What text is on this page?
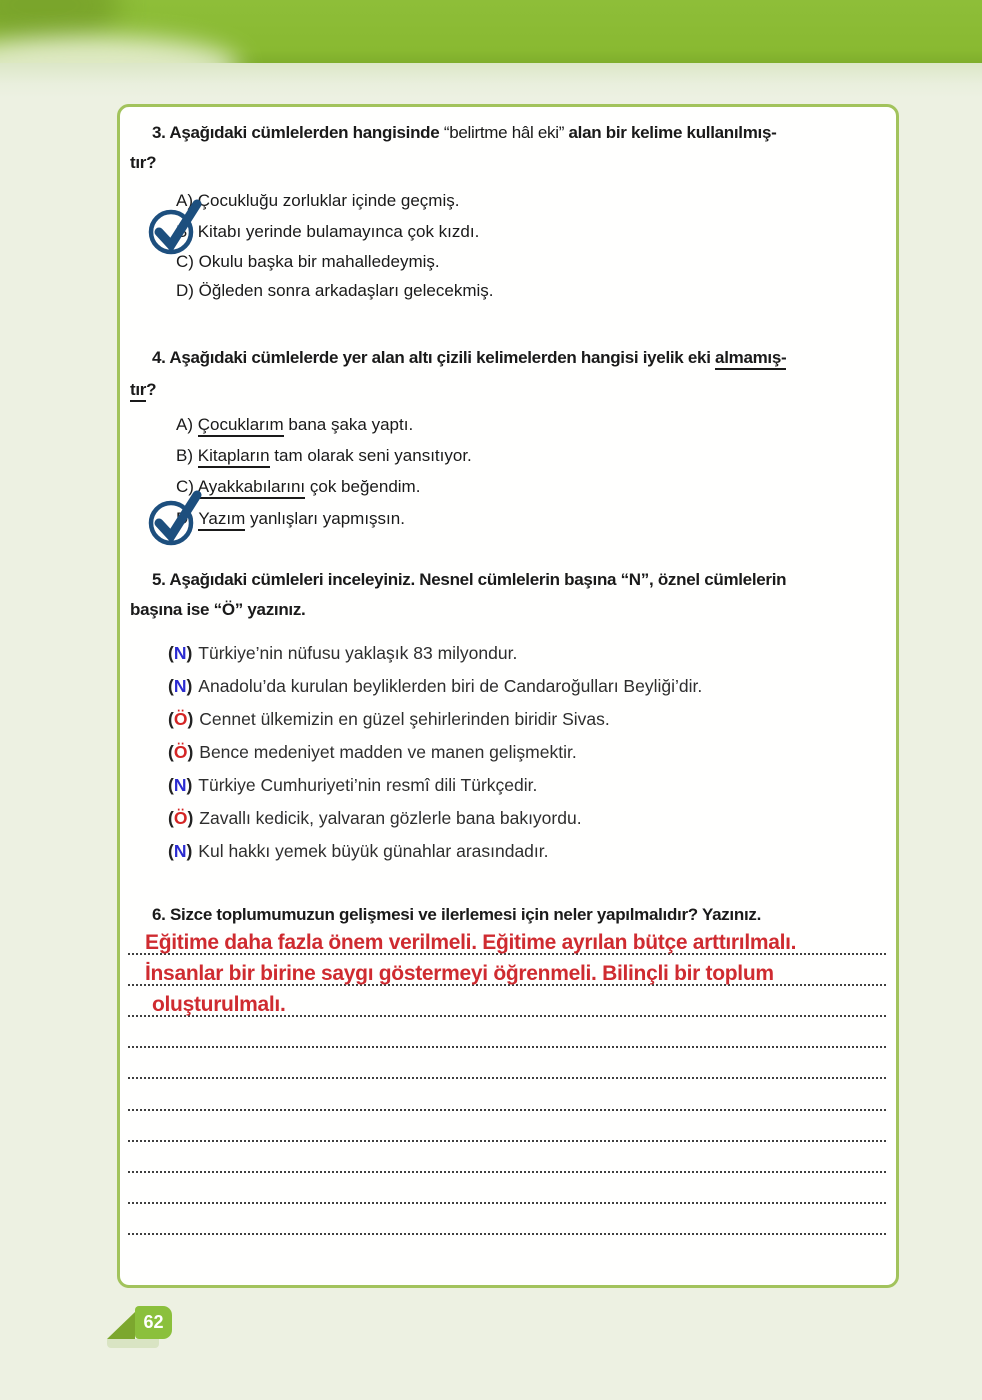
3. Aşağıdaki cümlelerden hangisinde “belirtme hâl eki” alan bir kelime kullanılmış-
tır?
A) Çocukluğu zorluklar içinde geçmiş.
B) Kitabı yerinde bulamayınca çok kızdı.
C) Okulu başka bir mahalledeymiş.
D) Öğleden sonra arkadaşları gelecekmiş.
4. Aşağıdaki cümlelerde yer alan altı çizili kelimelerden hangisi iyelik eki almamış-
tır?
A) Çocuklarım bana şaka yaptı.
B) Kitapların tam olarak seni yansıtıyor.
C) Ayakkabılarını çok beğendim.
D) Yazım yanlışları yapmışsın.
5. Aşağıdaki cümleleri inceleyiniz. Nesnel cümlelerin başına “N”, öznel cümlelerin
başına ise “Ö” yazınız.
(N) Türkiye’nin nüfusu yaklaşık 83 milyondur.
(N) Anadolu’da kurulan beyliklerden biri de Candaroğulları Beyliği’dir.
(Ö) Cennet ülkemizin en güzel şehirlerinden biridir Sivas.
(Ö) Bence medeniyet madden ve manen gelişmektir.
(N) Türkiye Cumhuriyeti’nin resmî dili Türkçedir.
(Ö) Zavallı kedicik, yalvaran gözlerle bana bakıyordu.
(N) Kul hakkı yemek büyük günahlar arasındadır.
6. Sizce toplumumuzun gelişmesi ve ilerlemesi için neler yapılmalıdır? Yazınız.
Eğitime daha fazla önem verilmeli. Eğitime ayrılan bütçe arttırılmalı.
İnsanlar bir birine saygı göstermeyi öğrenmeli. Bilinçli bir toplum
oluşturulmalı.
62
